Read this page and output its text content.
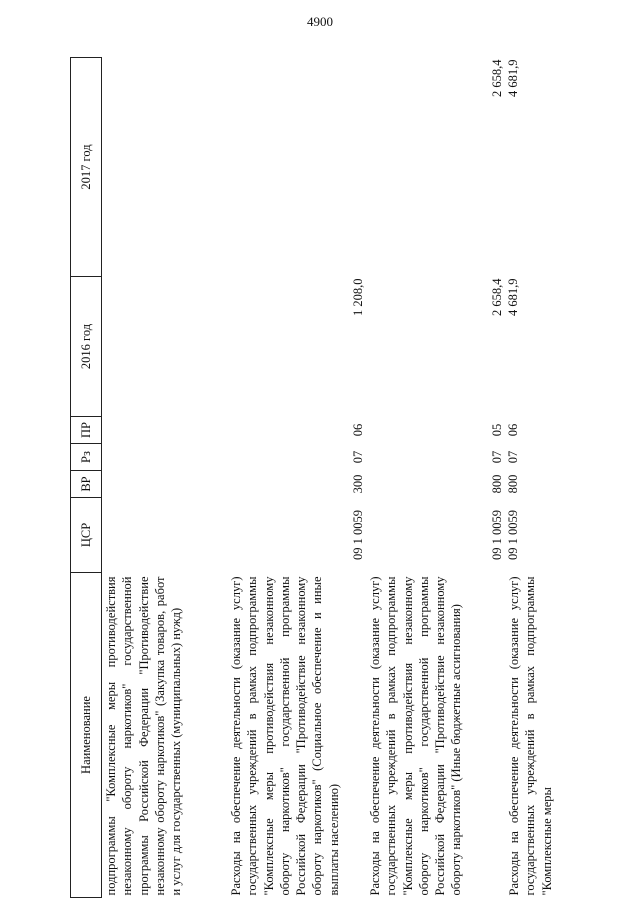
4900
Наименование	ЦСР	ВР	Рз	ПР	2016 год	2017 год
подпрограммы "Комплексные меры противодействия незаконному обороту наркотиков" государственной программы Российской Федерации "Противодействие незаконному обороту наркотиков" (Закупка товаров, работ и услуг для государственных (муниципальных) нужд)						
Расходы на обеспечение деятельности (оказание услуг) государственных учреждений в рамках подпрограммы "Комплексные меры противодействия незаконному обороту наркотиков" государственной программы Российской Федерации "Противодействие незаконному обороту наркотиков" (Социальное обеспечение и иные выплаты населению)	09 1 0059	300	07	06	1 208,0	
Расходы на обеспечение деятельности (оказание услуг) государственных учреждений в рамках подпрограммы "Комплексные меры противодействия незаконному обороту наркотиков" государственной программы Российской Федерации "Противодействие незаконному обороту наркотиков" (Иные бюджетные ассигнования)	09 1 0059	800	07	05	2 658,4	2 658,4
Расходы на обеспечение деятельности (оказание услуг) государственных учреждений в рамках подпрограммы "Комплексные меры	09 1 0059	800	07	06	4 681,9	4 681,9
